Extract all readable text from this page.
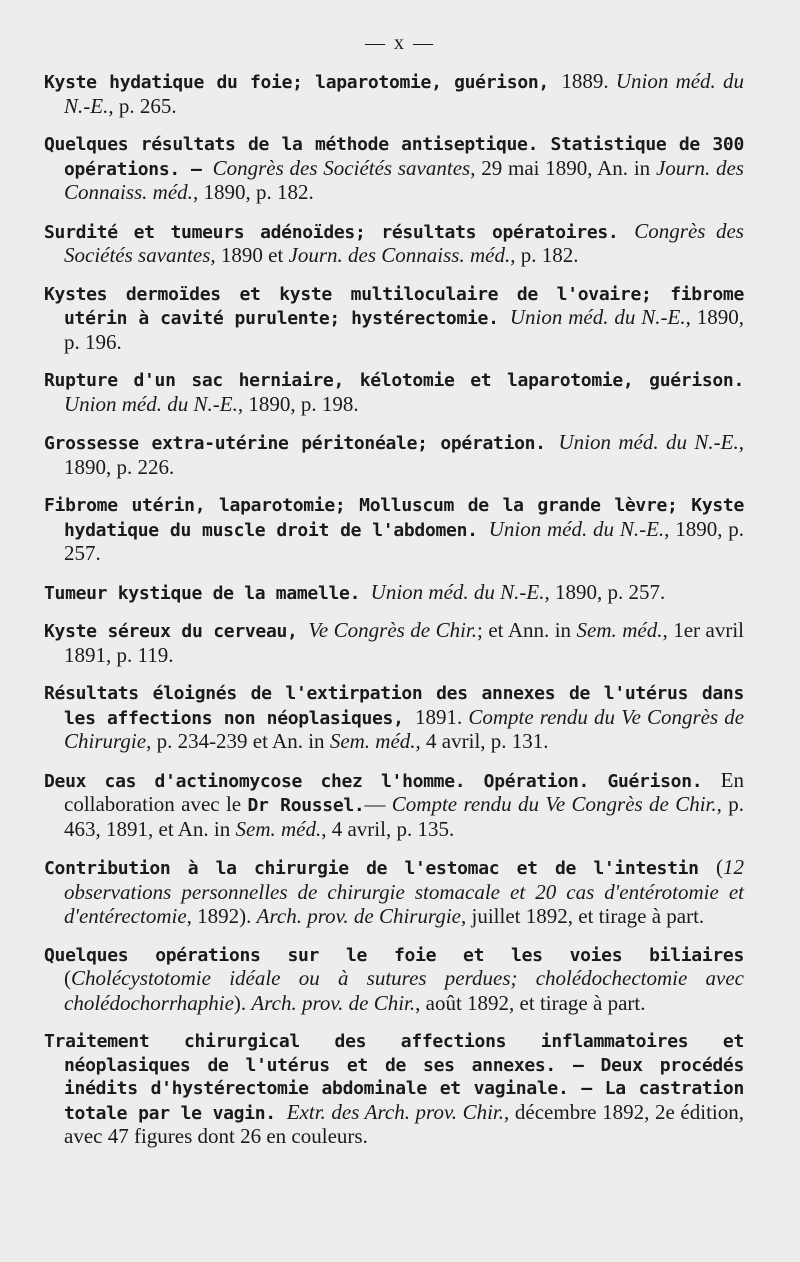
— x —

Kyste hydatique du foie; laparotomie, guérison, 1889. Union méd. du N.-E., p. 265.

Quelques résultats de la méthode antiseptique. Statistique de 300 opérations. — Congrès des Sociétés savantes, 29 mai 1890, An. in Journ. des Connaiss. méd., 1890, p. 182.

Surdité et tumeurs adénoïdes; résultats opératoires. Congrès des Sociétés savantes, 1890 et Journ. des Connaiss. méd., p. 182.

Kystes dermoïdes et kyste multiloculaire de l'ovaire; fibrome utérin à cavité purulente; hystérectomie. Union méd. du N.-E., 1890, p. 196.

Rupture d'un sac herniaire, kélotomie et laparotomie, guérison. Union méd. du N.-E., 1890, p. 198.

Grossesse extra-utérine péritonéale; opération. Union méd. du N.-E., 1890, p. 226.

Fibrome utérin, laparotomie; Molluscum de la grande lèvre; Kyste hydatique du muscle droit de l'abdomen. Union méd. du N.-E., 1890, p. 257.

Tumeur kystique de la mamelle. Union méd. du N.-E., 1890, p. 257.

Kyste séreux du cerveau, Ve Congrès de Chir.; et Ann. in Sem. méd., 1er avril 1891, p. 119.

Résultats éloignés de l'extirpation des annexes de l'utérus dans les affections non néoplasiques, 1891. Compte rendu du Ve Congrès de Chirurgie, p. 234-239 et An. in Sem. méd., 4 avril, p. 131.

Deux cas d'actinomycose chez l'homme. Opération. Guérison. En collaboration avec le Dr Roussel.— Compte rendu du Ve Congrès de Chir., p. 463, 1891, et An. in Sem. méd., 4 avril, p. 135.

Contribution à la chirurgie de l'estomac et de l'intestin (12 observations personnelles de chirurgie stomacale et 20 cas d'entérotomie et d'entérectomie, 1892). Arch. prov. de Chirurgie, juillet 1892, et tirage à part.

Quelques opérations sur le foie et les voies biliaires (Cholécystotomie idéale ou à sutures perdues; cholédochectomie avec cholédochorrhaphie). Arch. prov. de Chir., août 1892, et tirage à part.

Traitement chirurgical des affections inflammatoires et néoplasiques de l'utérus et de ses annexes. — Deux procédés inédits d'hystérectomie abdominale et vaginale. — La castration totale par le vagin. Extr. des Arch. prov. Chir., décembre 1892, 2e édition, avec 47 figures dont 26 en couleurs.
